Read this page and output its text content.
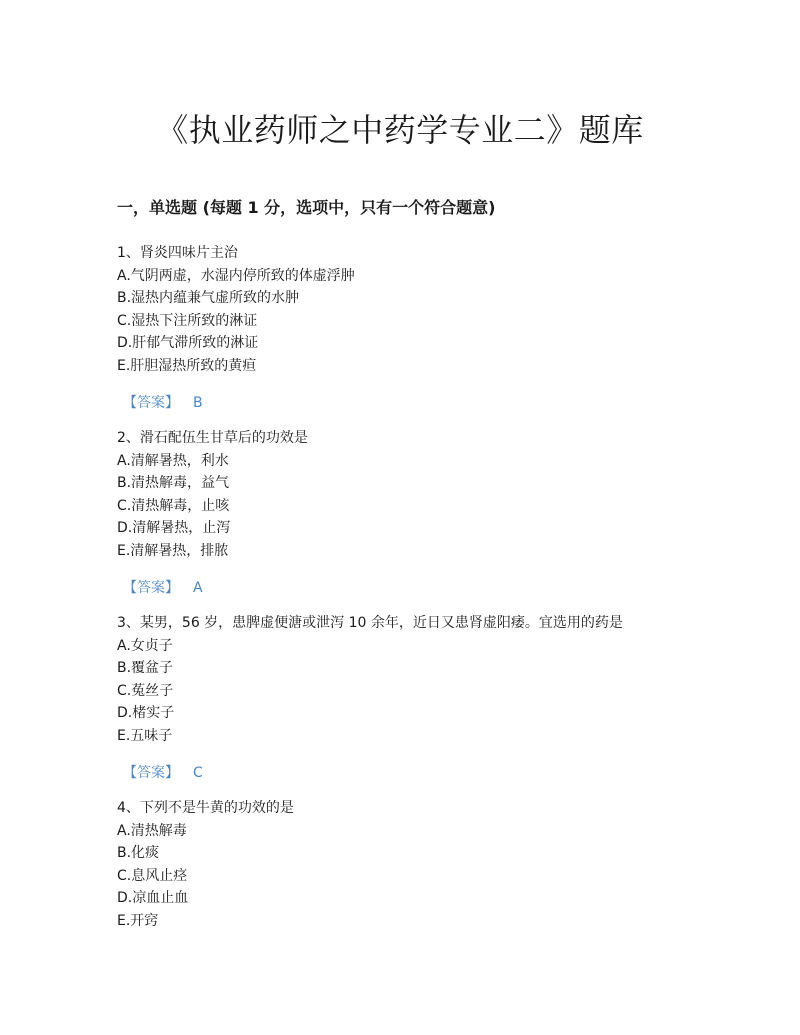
《执业药师之中药学专业二》题库
一，单选题 (每题 1 分，选项中，只有一个符合题意)
1、肾炎四味片主治
A.气阴两虚，水湿内停所致的体虚浮肿
B.湿热内蕴兼气虚所致的水肿
C.湿热下注所致的淋证
D.肝郁气滞所致的淋证
E.肝胆湿热所致的黄疸
【答案】 B
2、滑石配伍生甘草后的功效是
A.清解暑热，利水
B.清热解毒，益气
C.清热解毒，止咳
D.清解暑热，止泻
E.清解暑热，排脓
【答案】 A
3、某男，56 岁，患脾虚便溏或泄泻 10 余年，近日又患肾虚阳痿。宜选用的药是
A.女贞子
B.覆盆子
C.菟丝子
D.楮实子
E.五味子
【答案】 C
4、下列不是牛黄的功效的是
A.清热解毒
B.化痰
C.息风止痉
D.凉血止血
E.开窍
